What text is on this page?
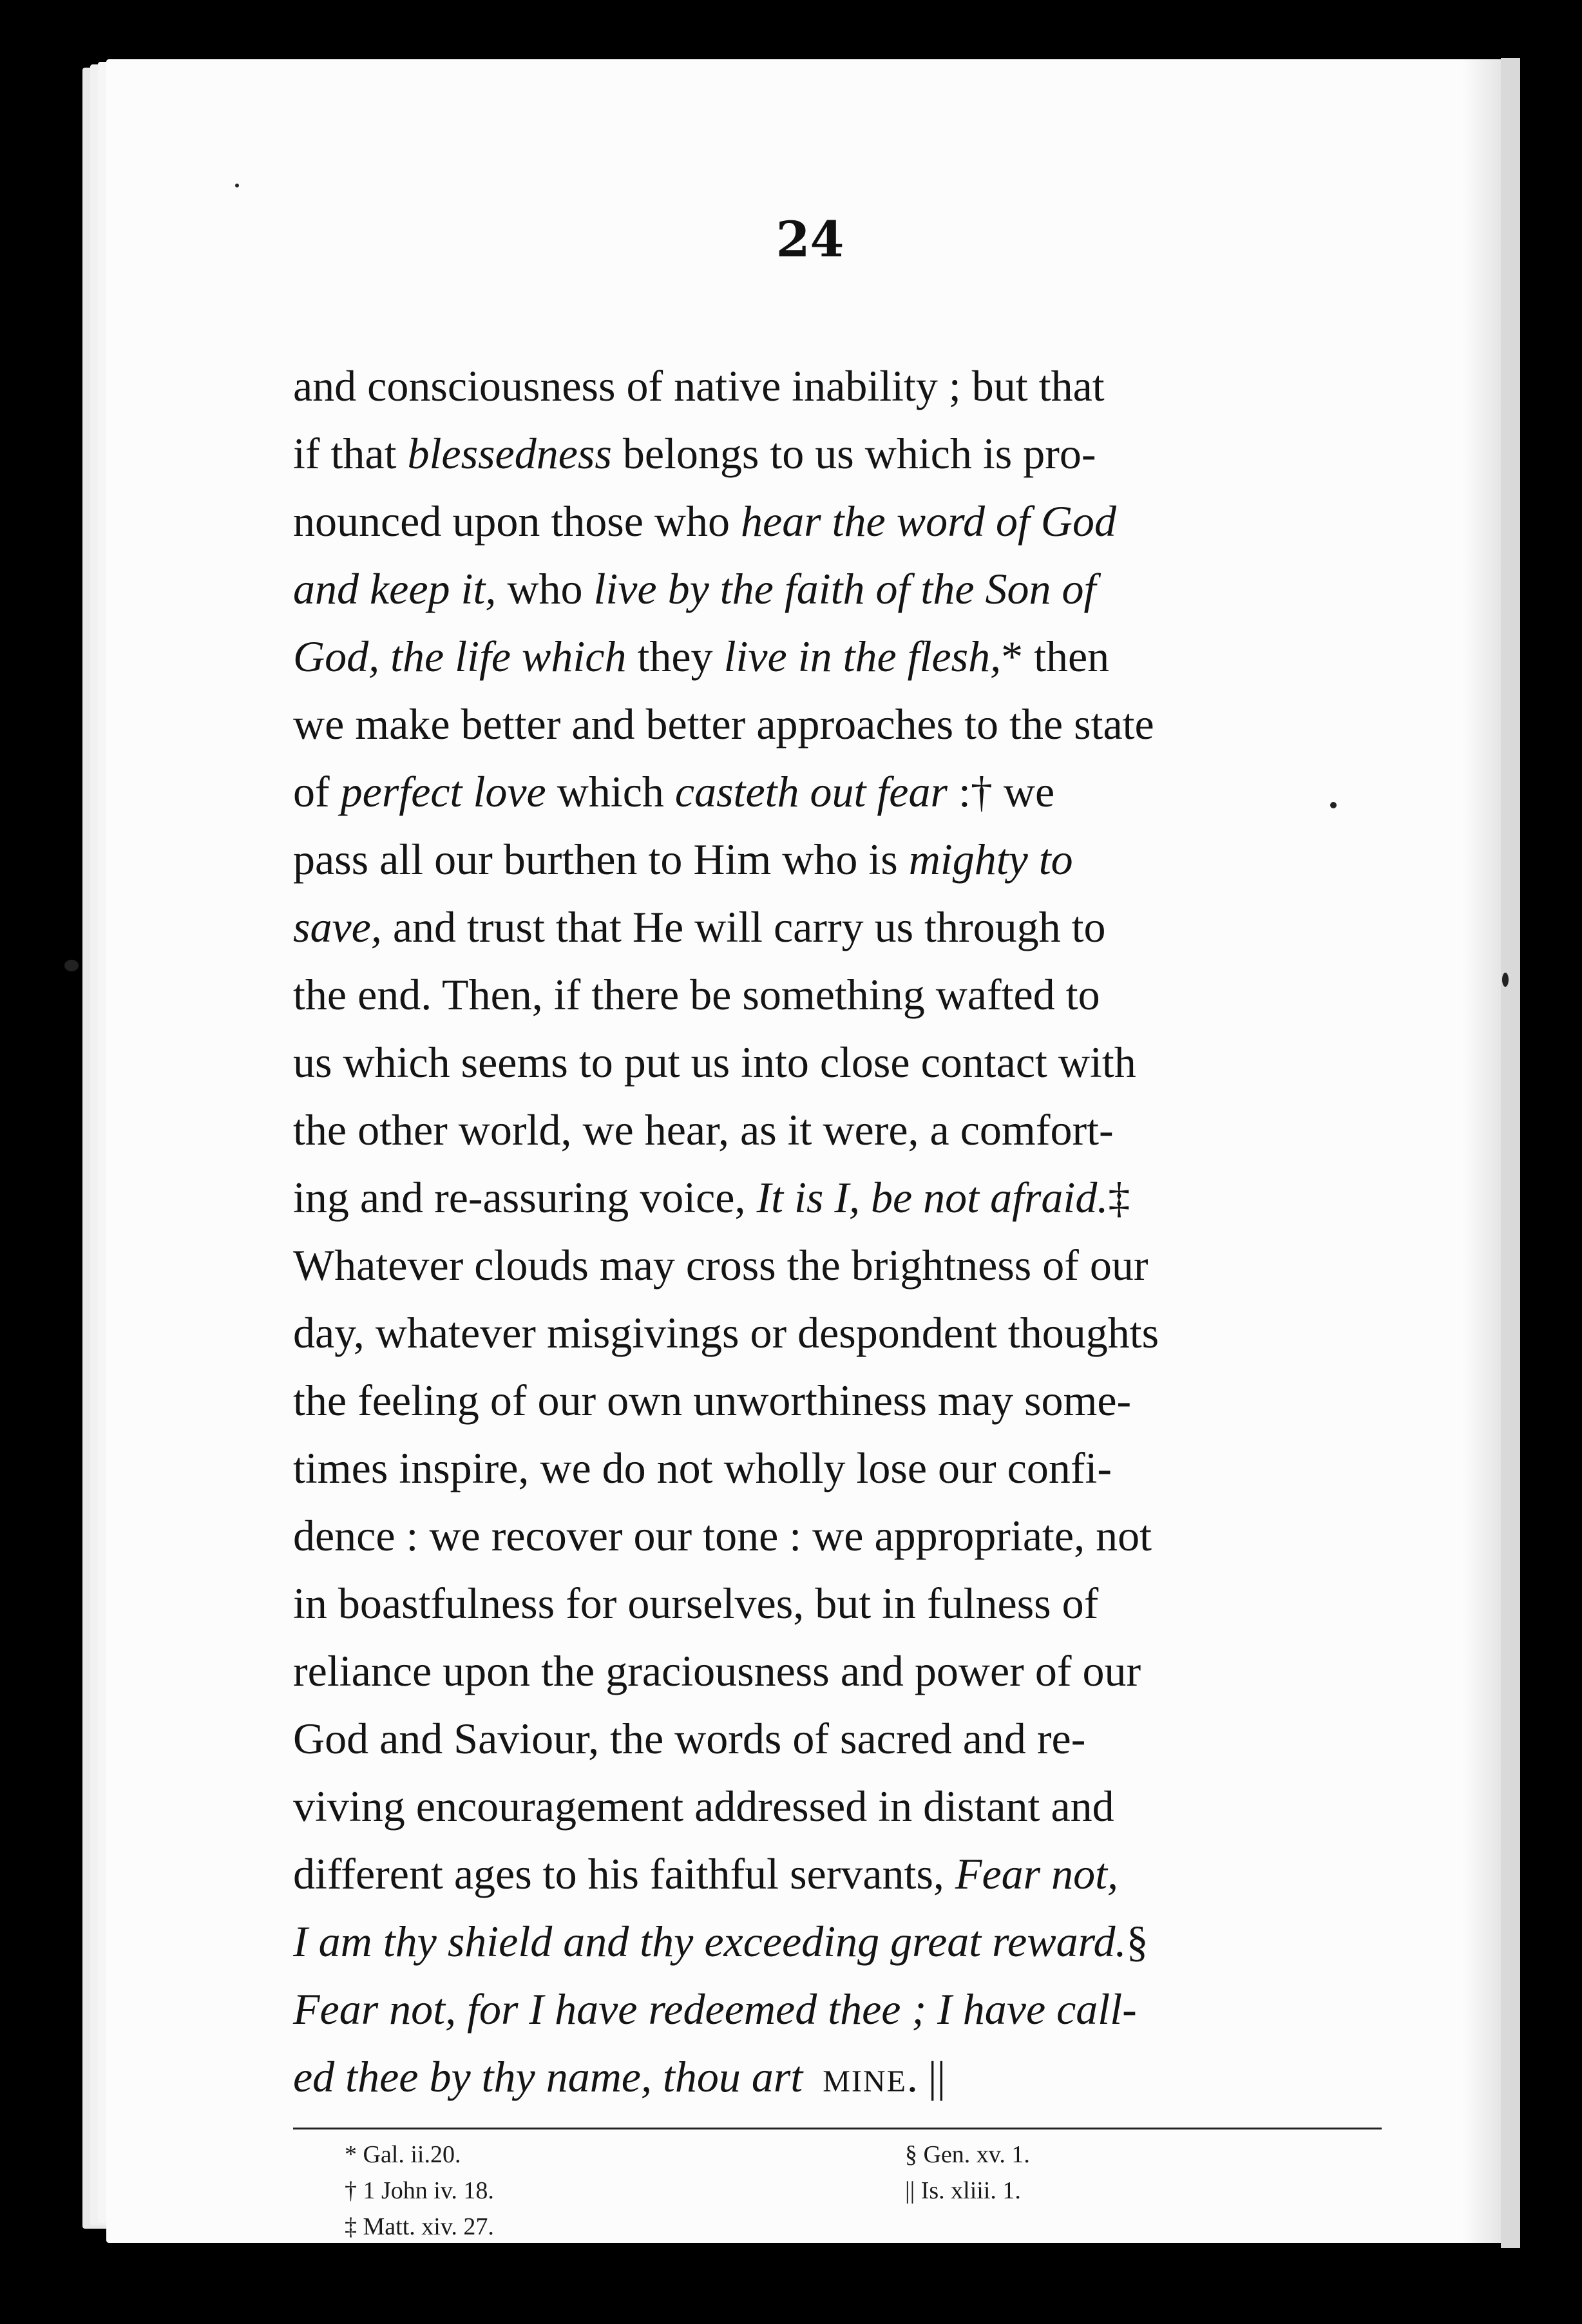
24
and consciousness of native inability ; but that
if that blessedness belongs to us which is pro-
nounced upon those who hear the word of God
and keep it, who live by the faith of the Son of
God, the life which they live in the flesh,* then
we make better and better approaches to the state
of perfect love which casteth out fear :† we
pass all our burthen to Him who is mighty to
save, and trust that He will carry us through to
the end. Then, if there be something wafted to
us which seems to put us into close contact with
the other world, we hear, as it were, a comfort-
ing and re-assuring voice, It is I, be not afraid.‡
Whatever clouds may cross the brightness of our
day, whatever misgivings or despondent thoughts
the feeling of our own unworthiness may some-
times inspire, we do not wholly lose our confi-
dence : we recover our tone : we appropriate, not
in boastfulness for ourselves, but in fulness of
reliance upon the graciousness and power of our
God and Saviour, the words of sacred and re-
viving encouragement addressed in distant and
different ages to his faithful servants, Fear not,
I am thy shield and thy exceeding great reward.§
Fear not, for I have redeemed thee ; I have call-
ed thee by thy name, thou art mine. ||
* Gal. ii.20.
† 1 John iv. 18.
‡ Matt. xiv. 27.
§ Gen. xv. 1.
|| Is. xliii. 1.
